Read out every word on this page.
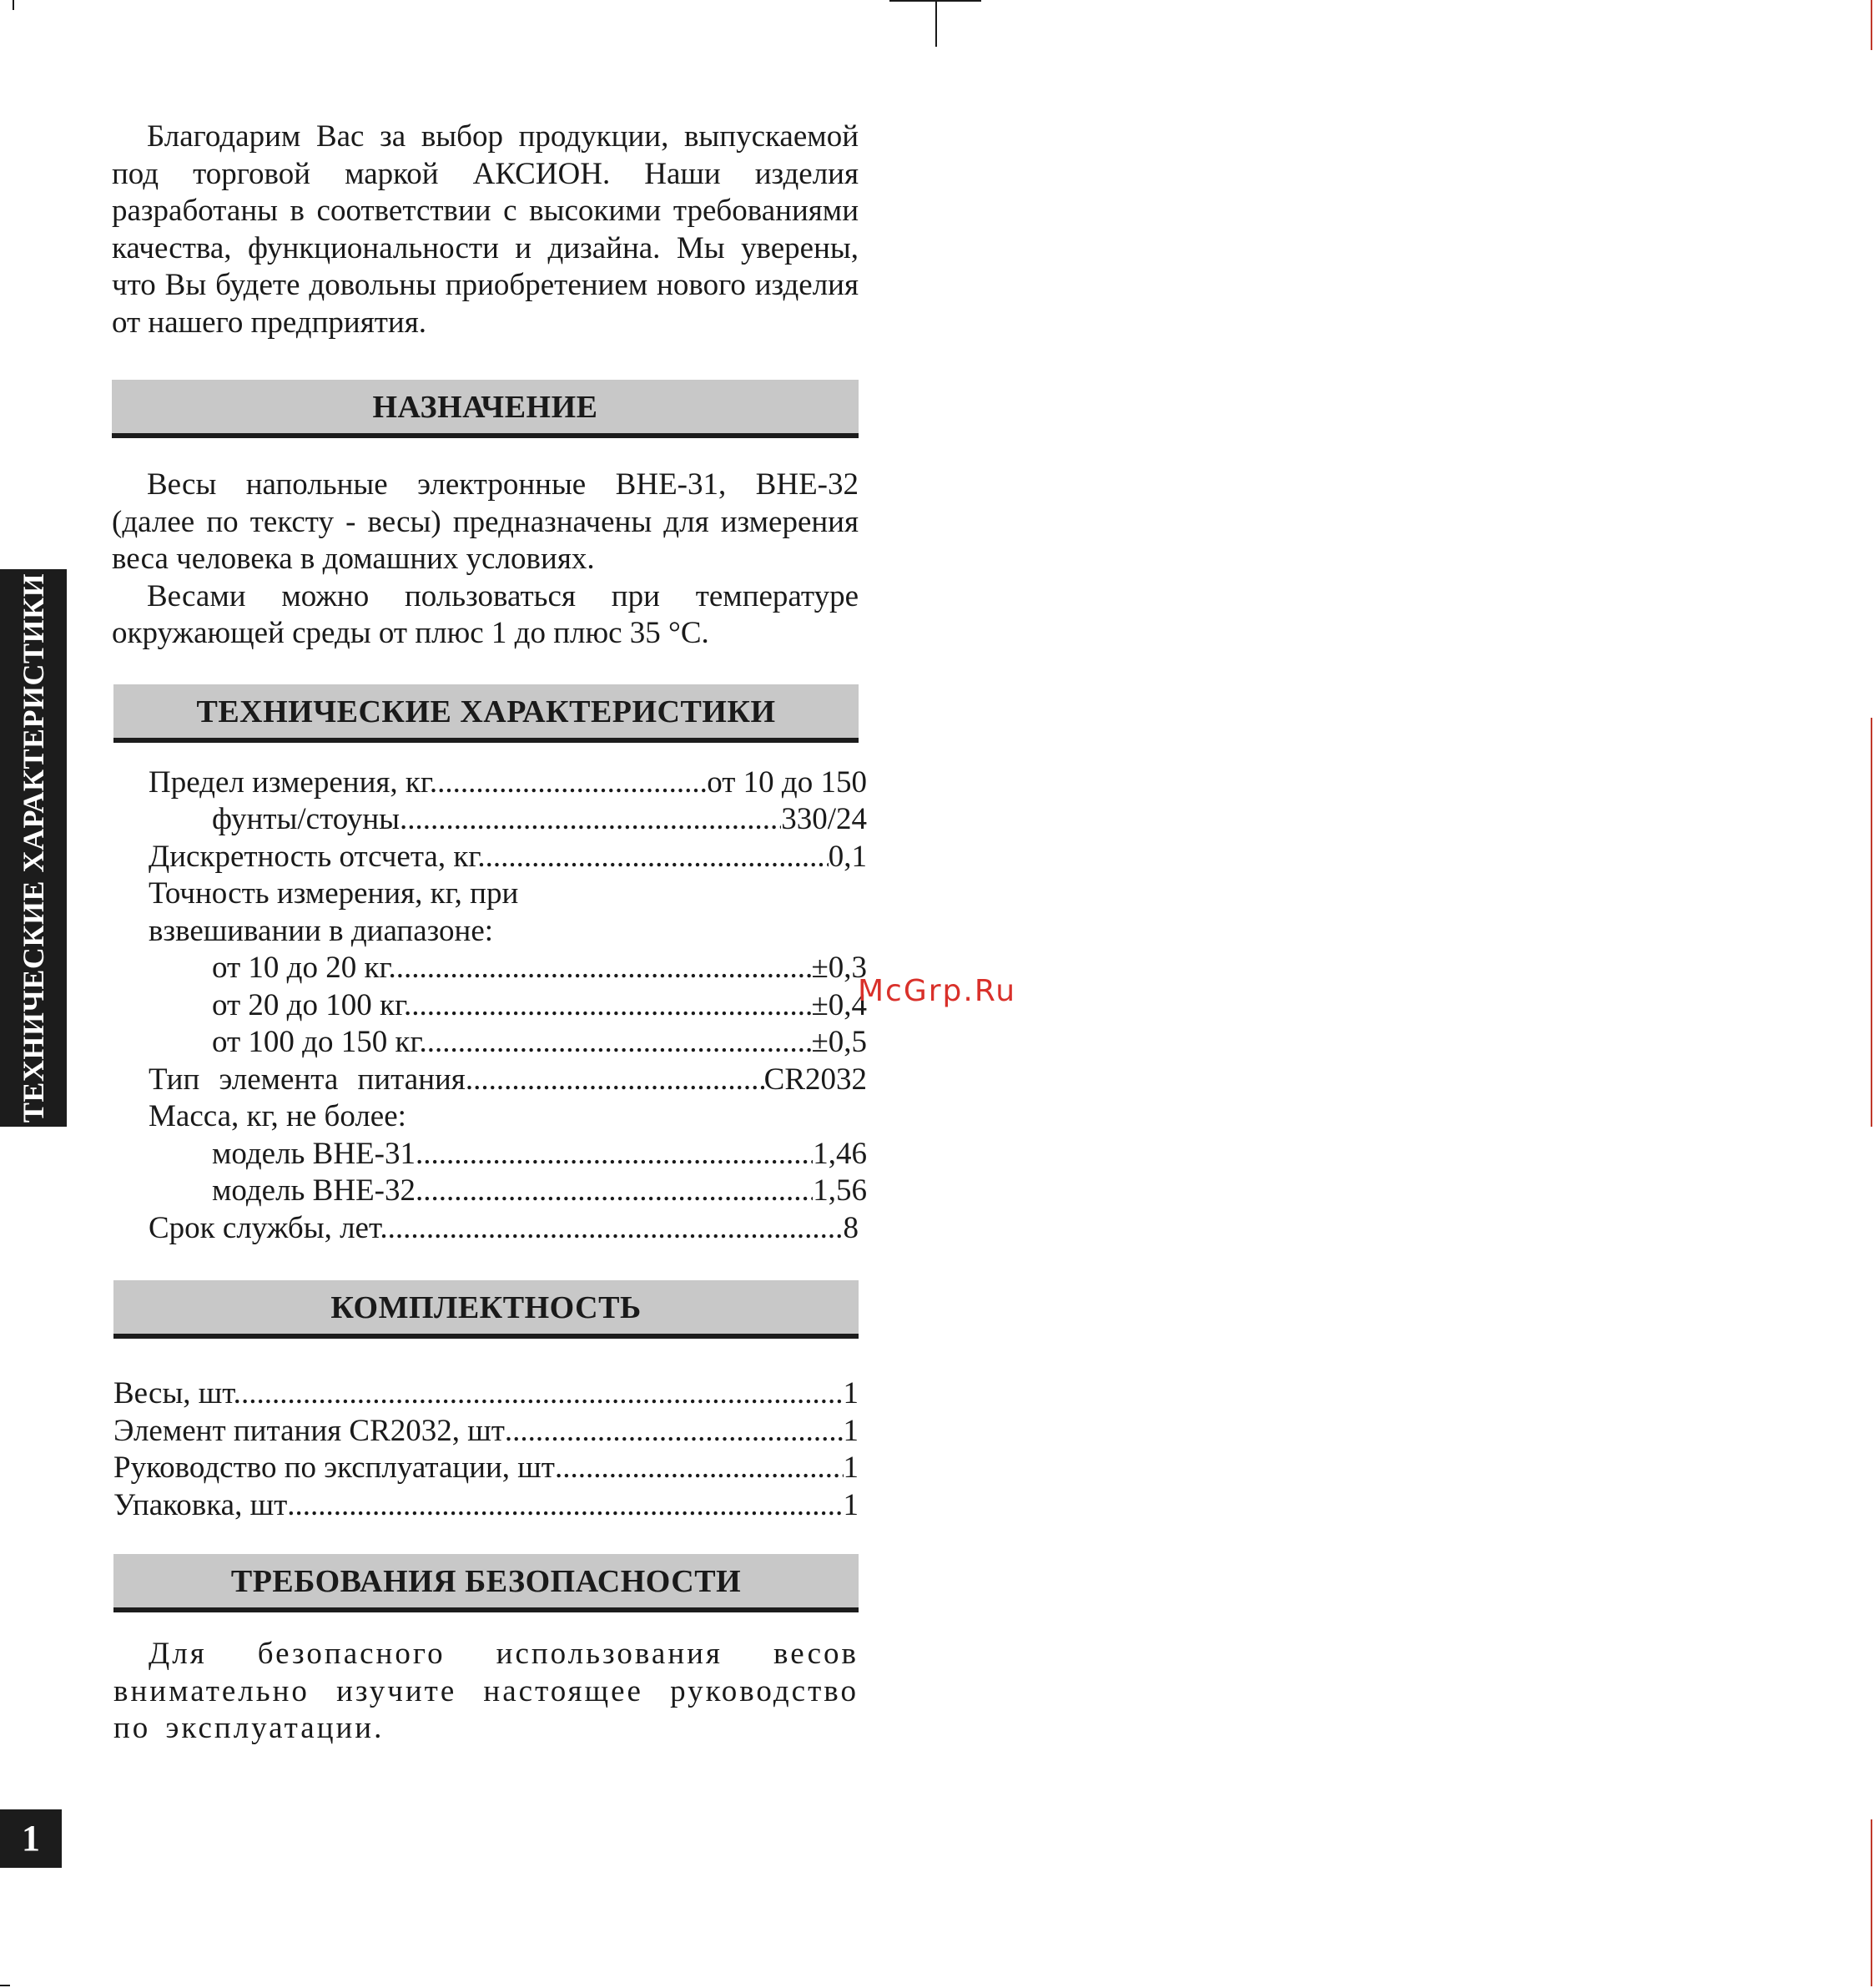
ТЕХНИЧЕСКИЕ ХАРАКТЕРИСТИКИ
1

Благодарим Вас за выбор продукции, выпускаемой под торговой маркой АКСИОН. Наши изделия разработаны в соответствии с высокими требованиями качества, функциональности и дизайна. Мы уверены, что Вы будете довольны приобретением нового изделия от нашего предприятия.

НАЗНАЧЕНИЕ

Весы напольные электронные ВНЕ-31, ВНЕ-32 (далее по тексту - весы) предназначены для измерения веса человека в домашних условиях.

Весами можно пользоваться при температуре окружающей среды от плюс 1 до плюс 35 °С.

ТЕХНИЧЕСКИЕ ХАРАКТЕРИСТИКИ
Предел измерения, кг. .....	от 10 до 150
фунты/стоуны .....	330/24
Дискретность отсчета, кг. .....	0,1
Точность измерения, кг, при
взвешивании в диапазоне:
от 10 до 20 кг. .....	±0,3
от 20 до 100 кг. .....	±0,4
от 100 до 150 кг. .....	±0,5
Тип элемента питания .....	CR2032
Масса, кг, не более:
модель ВНЕ-31 .....	1,46
модель ВНЕ-32 .....	1,56
Срок службы, лет. .....	8
КОМПЛЕКТНОСТЬ
Весы, шт. .....	1
Элемент питания CR2032, шт .....	1
Руководство по эксплуатации, шт .....	1
Упаковка, шт .....	1
ТРЕБОВАНИЯ БЕЗОПАСНОСТИ

Для безопасного использования весов внимательно изучите настоящее руководство по эксплуатации.

McGrp.Ru
